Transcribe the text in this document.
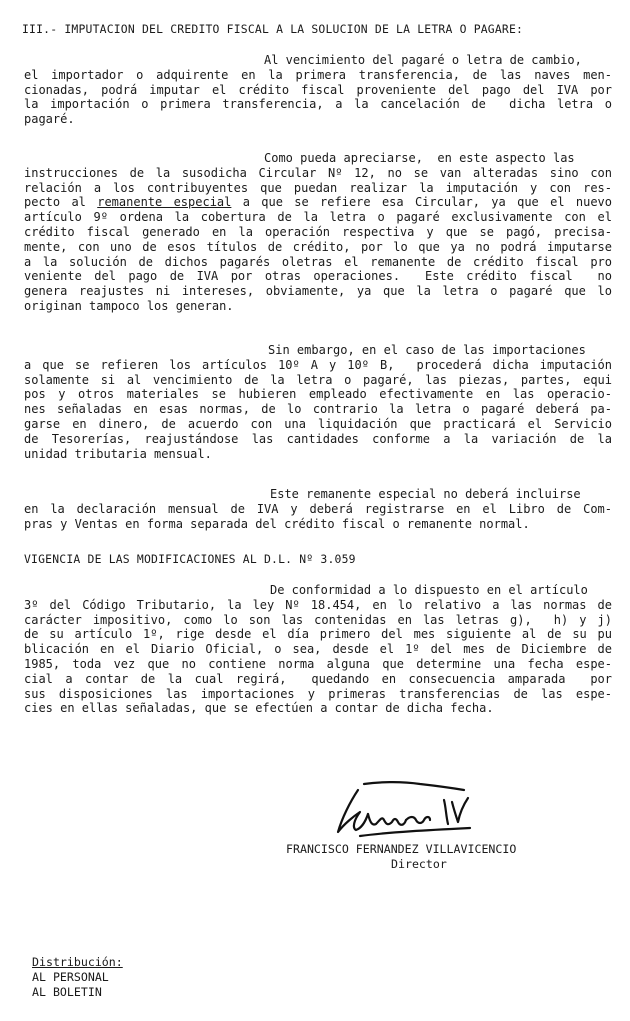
III.- IMPUTACION DEL CREDITO FISCAL A LA SOLUCION DE LA LETRA O PAGARE:
Al vencimiento del pagaré o letra de cambio,
el importador o adquirente en la primera transferencia, de las naves men-
cionadas, podrá imputar el crédito fiscal proveniente del pago del IVA por
la importación o primera transferencia, a la cancelación de  dicha letra o
pagaré.
Como pueda apreciarse,  en este aspecto las
instrucciones de la susodicha Circular Nº 12, no se van alteradas sino con
relación a los contribuyentes que puedan realizar la imputación y con res-
pecto al remanente especial a que se refiere esa Circular, ya que el nuevo
artículo 9º ordena la cobertura de la letra o pagaré exclusivamente con el
crédito fiscal generado en la operación respectiva y que se pagó, precisa-
mente, con uno de esos títulos de crédito, por lo que ya no podrá imputarse
a la solución de dichos pagarés oletras el remanente de crédito fiscal pro
veniente del pago de IVA por otras operaciones.  Este crédito fiscal  no
genera reajustes ni intereses, obviamente, ya que la letra o pagaré que lo
originan tampoco los generan.
Sin embargo, en el caso de las importaciones
a que se refieren los artículos 10º A y 10º B,  procederá dicha imputación
solamente si al vencimiento de la letra o pagaré, las piezas, partes, equi
pos y otros materiales se hubieren empleado efectivamente en las operacio-
nes señaladas en esas normas, de lo contrario la letra o pagaré deberá pa-
garse en dinero, de acuerdo con una liquidación que practicará el Servicio
de Tesorerías, reajustándose las cantidades conforme a la variación de la
unidad tributaria mensual.
Este remanente especial no deberá incluirse
en la declaración mensual de IVA y deberá registrarse en el Libro de Com-
pras y Ventas en forma separada del crédito fiscal o remanente normal.
VIGENCIA DE LAS MODIFICACIONES AL D.L. Nº 3.059
De conformidad a lo dispuesto en el artículo
3º del Código Tributario, la ley Nº 18.454, en lo relativo a las normas de
carácter impositivo, como lo son las contenidas en las letras g),  h) y j)
de su artículo 1º, rige desde el día primero del mes siguiente al de su pu
blicación en el Diario Oficial, o sea, desde el 1º del mes de Diciembre de
1985, toda vez que no contiene norma alguna que determine una fecha espe-
cial a contar de la cual regirá,  quedando en consecuencia amparada  por
sus disposiciones las importaciones y primeras transferencias de las espe-
cies en ellas señaladas, que se efectúen a contar de dicha fecha.
FRANCISCO FERNANDEZ VILLAVICENCIO
Director
Distribución:
AL PERSONAL
AL BOLETIN
